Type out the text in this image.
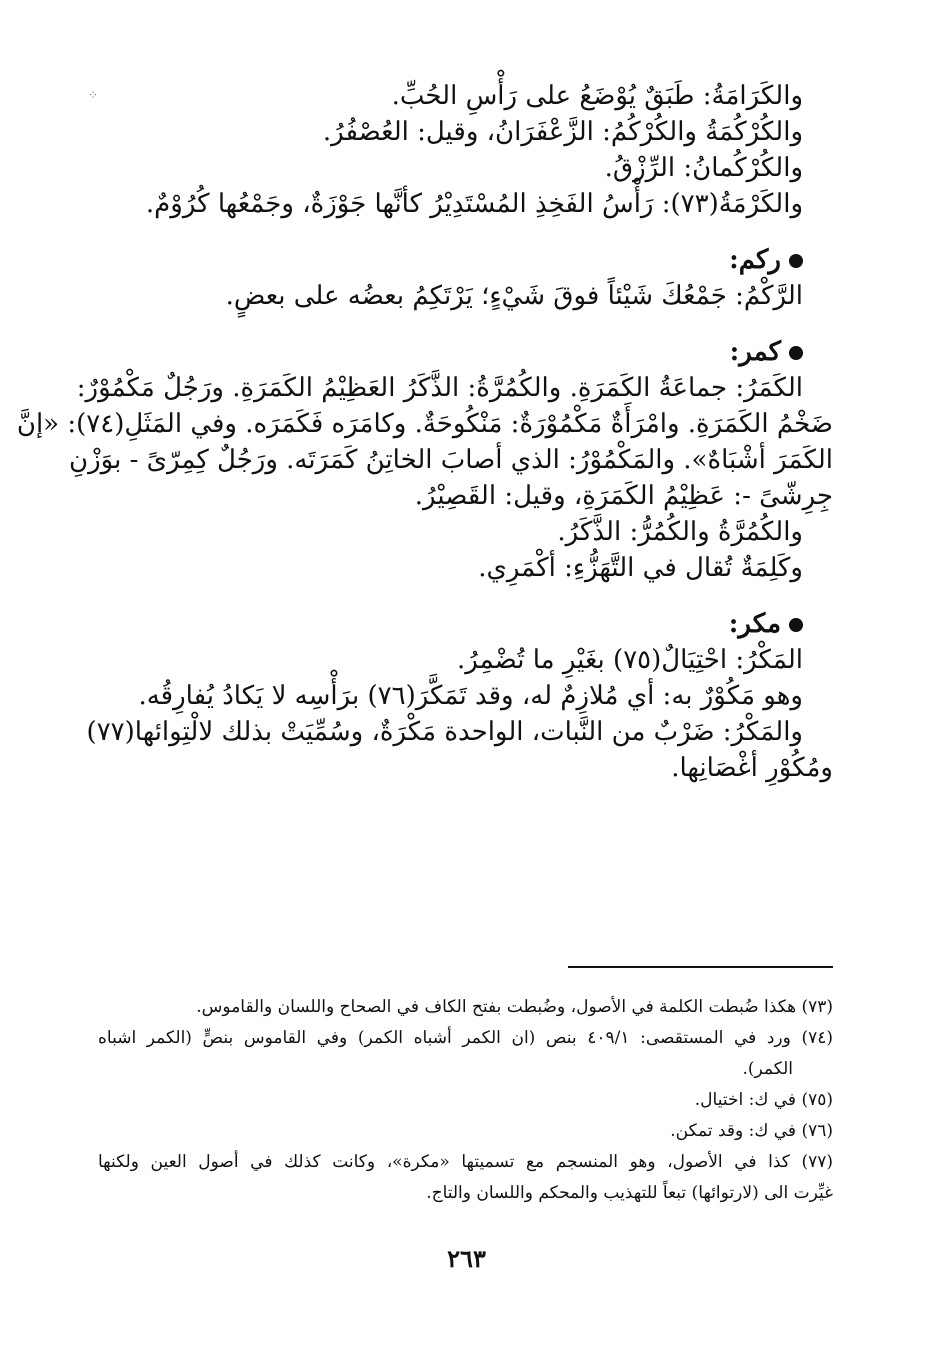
⁘	والكَرَامَةُ: طَبَقٌ يُوْضَعُ على رَأْسِ الحُبِّ.
والكُرْكُمَةُ والكُرْكُمُ: الزَّعْفَرَانُ، وقيل: العُصْفُرُ.
والكُرْكُمانُ: الرِّزْقُ.
والكَرْمَةُ(٧٣): رَأْسُ الفَخِذِ المُسْتَدِيْرُ كأنَّها جَوْزَةٌ، وجَمْعُها كُرُوْمٌ.
ركم:
الرَّكْمُ: جَمْعُكَ شَيْئاً فوقَ شَيْءٍ؛ يَرْتَكِمُ بعضُه على بعضٍ.
كمر:
الكَمَرُ: جماعَةُ الكَمَرَةِ. والكُمُرَّةُ: الذَّكَرُ العَظِيْمُ الكَمَرَةِ. ورَجُلٌ مَكْمُوْرٌ:
ضَخْمُ الكَمَرَةِ. وامْرَأَةٌ مَكْمُوْرَةٌ: مَنْكُوحَةٌ. وكامَرَه فَكَمَرَه. وفي المَثَلِ(٧٤): «إنَّ
الكَمَرَ أشْبَاهٌ». والمَكْمُوْرُ: الذي أصابَ الخاتِنُ كَمَرَتَه. ورَجُلٌ كِمِرّىً - بوَزْنِ
جِرِشّىً -: عَظِيْمُ الكَمَرَةِ، وقيل: القَصِيْرُ.
والكُمُرَّةُ والكُمُرُّ: الذَّكَرُ.
وكَلِمَةٌ تُقال في التَّهَزُّءِ: أكْمَرِي.
مكر:
المَكْرُ: احْتِيَالٌ(٧٥) بغَيْرِ ما تُضْمِرُ.
وهو مَكُوْرٌ به: أي مُلازِمٌ له، وقد تَمَكَّرَ(٧٦) برَأْسِه لا يَكادُ يُفارِقُه.
والمَكْرُ: ضَرْبٌ من النَّبات، الواحدة مَكْرَةٌ، وسُمِّيَتْ بذلك لالْتِوائها(٧٧)
ومُكُوْرِ أغْصَانِها.
(٧٣) هكذا ضُبطت الكلمة في الأصول، وضُبطت بفتح الكاف في الصحاح واللسان والقاموس.
(٧٤) ورد في المستقصى: ٤٠٩/١ بنص (ان الكمر أشباه الكمر) وفي القاموس بنصٍّ (الكمر اشباه
الكمر).
(٧٥) في ك: اختيال.
(٧٦) في ك: وقد تمكن.
(٧٧) كذا في الأصول، وهو المنسجم مع تسميتها «مكرة»، وكانت كذلك في أصول العين ولكنها
غيِّرت الى (لارتوائها) تبعاً للتهذيب والمحكم واللسان والتاج.
٢٦٣
